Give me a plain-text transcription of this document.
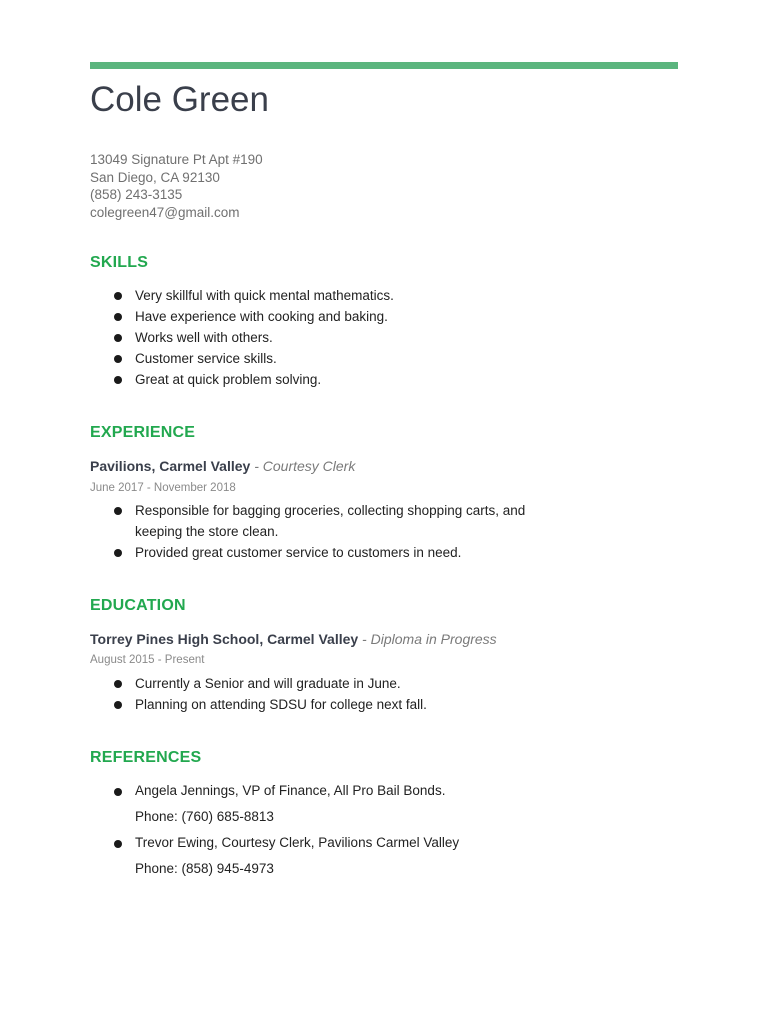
Cole Green
13049 Signature Pt Apt #190
San Diego, CA 92130
(858) 243-3135
colegreen47@gmail.com
SKILLS
Very skillful with quick mental mathematics.
Have experience with cooking and baking.
Works well with others.
Customer service skills.
Great at quick problem solving.
EXPERIENCE
Pavilions, Carmel Valley - Courtesy Clerk
June 2017 - November 2018
Responsible for bagging groceries, collecting shopping carts, and keeping the store clean.
Provided great customer service to customers in need.
EDUCATION
Torrey Pines High School, Carmel Valley - Diploma in Progress
August 2015 - Present
Currently a Senior and will graduate in June.
Planning on attending SDSU for college next fall.
REFERENCES
Angela Jennings, VP of Finance, All Pro Bail Bonds.
Phone: (760) 685-8813
Trevor Ewing, Courtesy Clerk, Pavilions Carmel Valley
Phone: (858) 945-4973
